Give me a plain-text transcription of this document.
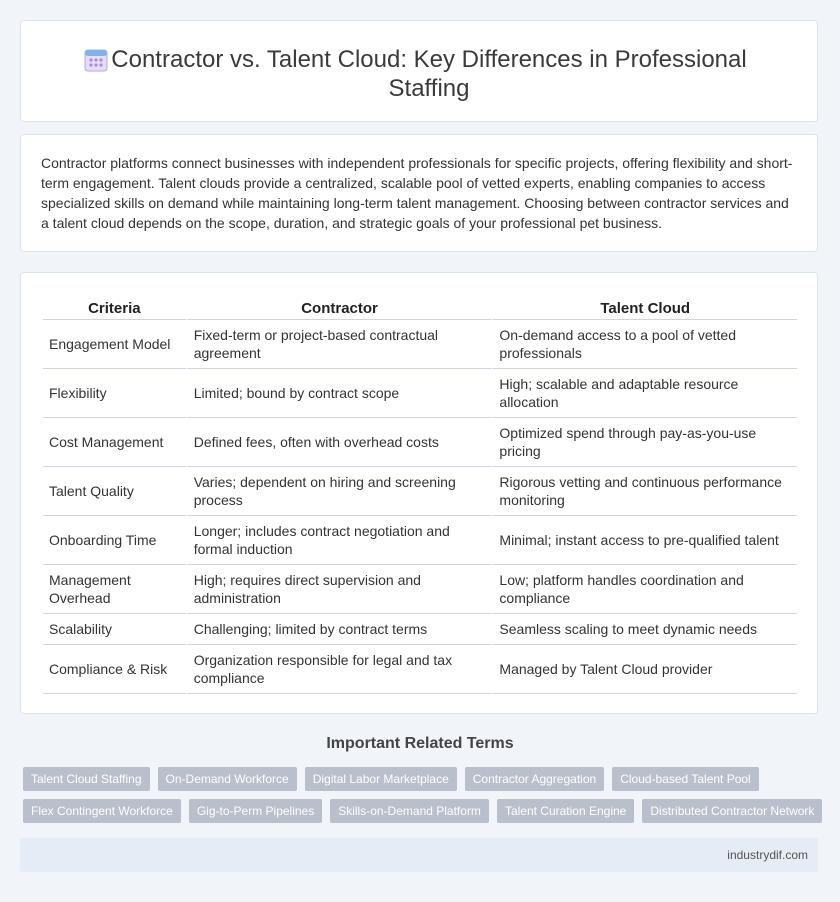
Contractor vs. Talent Cloud: Key Differences in Professional Staffing

Contractor platforms connect businesses with independent professionals for specific projects, offering flexibility and short-term engagement. Talent clouds provide a centralized, scalable pool of vetted experts, enabling companies to access specialized skills on demand while maintaining long-term talent management. Choosing between contractor services and a talent cloud depends on the scope, duration, and strategic goals of your professional pet business.

Criteria	Contractor	Talent Cloud
Engagement Model	Fixed-term or project-based contractual agreement	On-demand access to a pool of vetted professionals
Flexibility	Limited; bound by contract scope	High; scalable and adaptable resource allocation
Cost Management	Defined fees, often with overhead costs	Optimized spend through pay-as-you-use pricing
Talent Quality	Varies; dependent on hiring and screening process	Rigorous vetting and continuous performance monitoring
Onboarding Time	Longer; includes contract negotiation and formal induction	Minimal; instant access to pre-qualified talent
Management Overhead	High; requires direct supervision and administration	Low; platform handles coordination and compliance
Scalability	Challenging; limited by contract terms	Seamless scaling to meet dynamic needs
Compliance & Risk	Organization responsible for legal and tax compliance	Managed by Talent Cloud provider
Important Related Terms
Talent Cloud Staffing	On-Demand Workforce	Digital Labor Marketplace	Contractor Aggregation	Cloud-based Talent Pool
Flex Contingent Workforce	Gig-to-Perm Pipelines	Skills-on-Demand Platform	Talent Curation Engine	Distributed Contractor Network
industrydif.com
